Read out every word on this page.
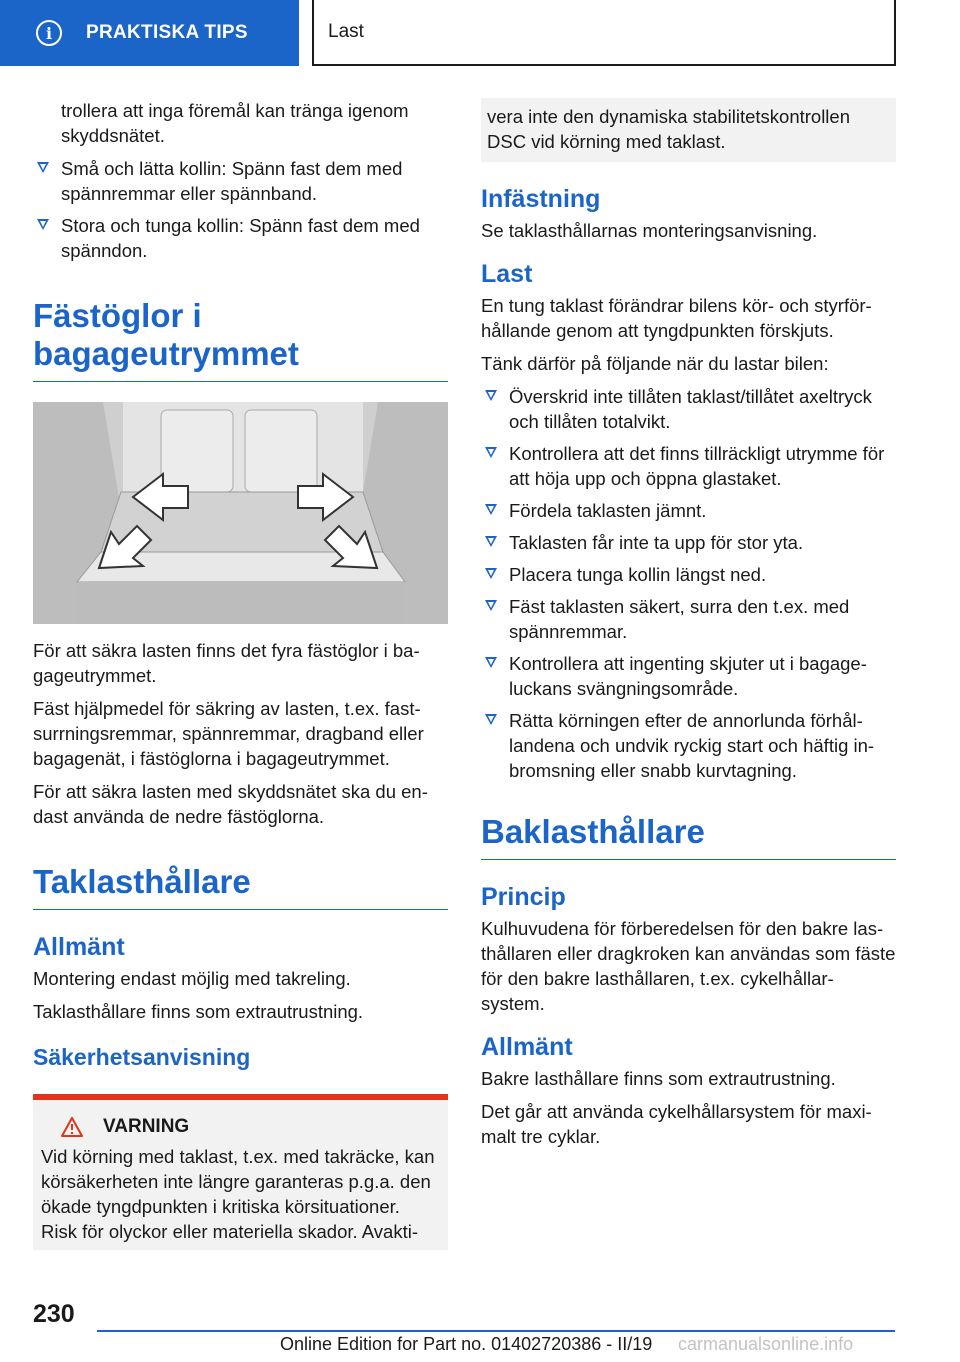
i	PRAKTISKA TIPS	Last

trollera att inga föremål kan tränga igenom skyddsnätet.

Små och lätta kollin: Spänn fast dem med spännremmar eller spännband.
Stora och tunga kollin: Spänn fast dem med spänndon.
Fästöglor i bagageutrymmet

För att säkra lasten finns det fyra fästöglor i ba-gageutrymmet.

Fäst hjälpmedel för säkring av lasten, t.ex. fast-surrningsremmar, spännremmar, dragband eller bagagenät, i fästöglorna i bagageutrymmet.

För att säkra lasten med skyddsnätet ska du en-dast använda de nedre fästöglorna.

Taklasthållare
Allmänt

Montering endast möjlig med takreling.

Taklasthållare finns som extrautrustning.

Säkerhetsanvisning
VARNING

Vid körning med taklast, t.ex. med takräcke, kan körsäkerheten inte längre garanteras p.g.a. den ökade tyngdpunkten i kritiska körsituationer. Risk för olyckor eller materiella skador. Avakti-

vera inte den dynamiska stabilitetskontrollen DSC vid körning med taklast.

Infästning

Se taklasthållarnas monteringsanvisning.

Last

En tung taklast förändrar bilens kör- och styrför-hållande genom att tyngdpunkten förskjuts.

Tänk därför på följande när du lastar bilen:

Överskrid inte tillåten taklast/tillåtet axeltryck och tillåten totalvikt.
Kontrollera att det finns tillräckligt utrymme för att höja upp och öppna glastaket.
Fördela taklasten jämnt.
Taklasten får inte ta upp för stor yta.
Placera tunga kollin längst ned.
Fäst taklasten säkert, surra den t.ex. med spännremmar.
Kontrollera att ingenting skjuter ut i bagage-luckans svängningsområde.
Rätta körningen efter de annorlunda förhål-landena och undvik ryckig start och häftig in-bromsning eller snabb kurvtagning.
Baklasthållare
Princip

Kulhuvudena för förberedelsen för den bakre las-thållaren eller dragkroken kan användas som fäste för den bakre lasthållaren, t.ex. cykelhållar-system.

Allmänt

Bakre lasthållare finns som extrautrustning.

Det går att använda cykelhållarsystem för maxi-malt tre cyklar.

230
Online Edition for Part no. 01402720386 - II/19 carmanualsonline.info
